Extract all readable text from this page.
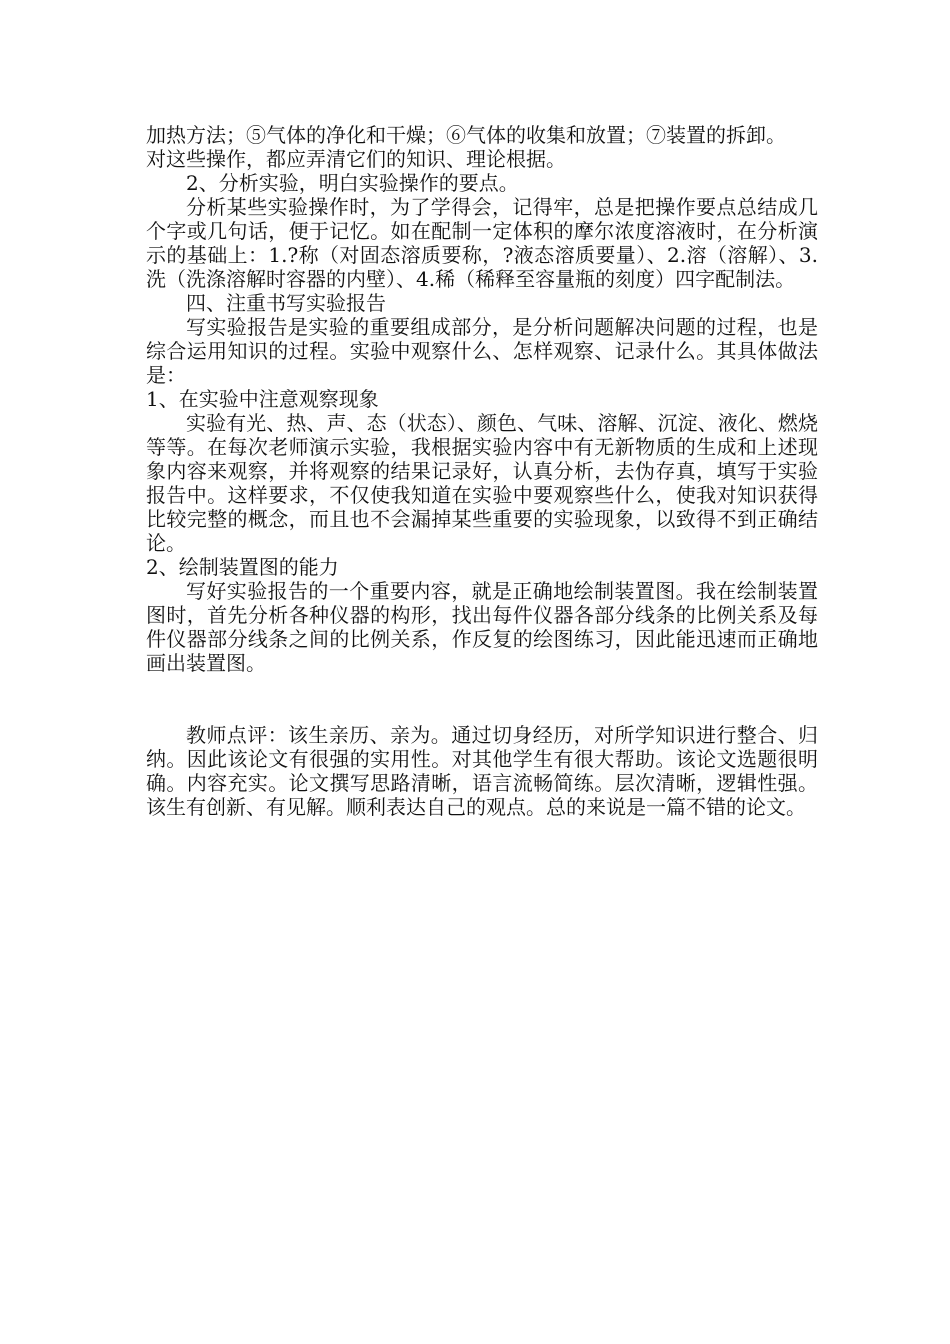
加热方法；⑤气体的净化和干燥；⑥气体的收集和放置；⑦装置的拆卸。

对这些操作，都应弄清它们的知识、理论根据。

2、分析实验，明白实验操作的要点。

分析某些实验操作时，为了学得会，记得牢，总是把操作要点总结成几个字或几句话，便于记忆。如在配制一定体积的摩尔浓度溶液时，在分析演示的基础上：1.?称（对固态溶质要称，?液态溶质要量）、2.溶（溶解）、3.洗（洗涤溶解时容器的内壁）、4.稀（稀释至容量瓶的刻度）四字配制法。

四、注重书写实验报告

写实验报告是实验的重要组成部分，是分析问题解决问题的过程，也是综合运用知识的过程。实验中观察什么、怎样观察、记录什么。其具体做法是：

1、在实验中注意观察现象

实验有光、热、声、态（状态）、颜色、气味、溶解、沉淀、液化、燃烧等等。在每次老师演示实验，我根据实验内容中有无新物质的生成和上述现象内容来观察，并将观察的结果记录好，认真分析，去伪存真，填写于实验报告中。这样要求，不仅使我知道在实验中要观察些什么，使我对知识获得比较完整的概念，而且也不会漏掉某些重要的实验现象，以致得不到正确结论。

2、绘制装置图的能力

写好实验报告的一个重要内容，就是正确地绘制装置图。我在绘制装置图时，首先分析各种仪器的构形，找出每件仪器各部分线条的比例关系及每件仪器部分线条之间的比例关系，作反复的绘图练习，因此能迅速而正确地画出装置图。

教师点评：该生亲历、亲为。通过切身经历，对所学知识进行整合、归纳。因此该论文有很强的实用性。对其他学生有很大帮助。该论文选题很明确。内容充实。论文撰写思路清晰，语言流畅简练。层次清晰，逻辑性强。该生有创新、有见解。顺利表达自己的观点。总的来说是一篇不错的论文。
